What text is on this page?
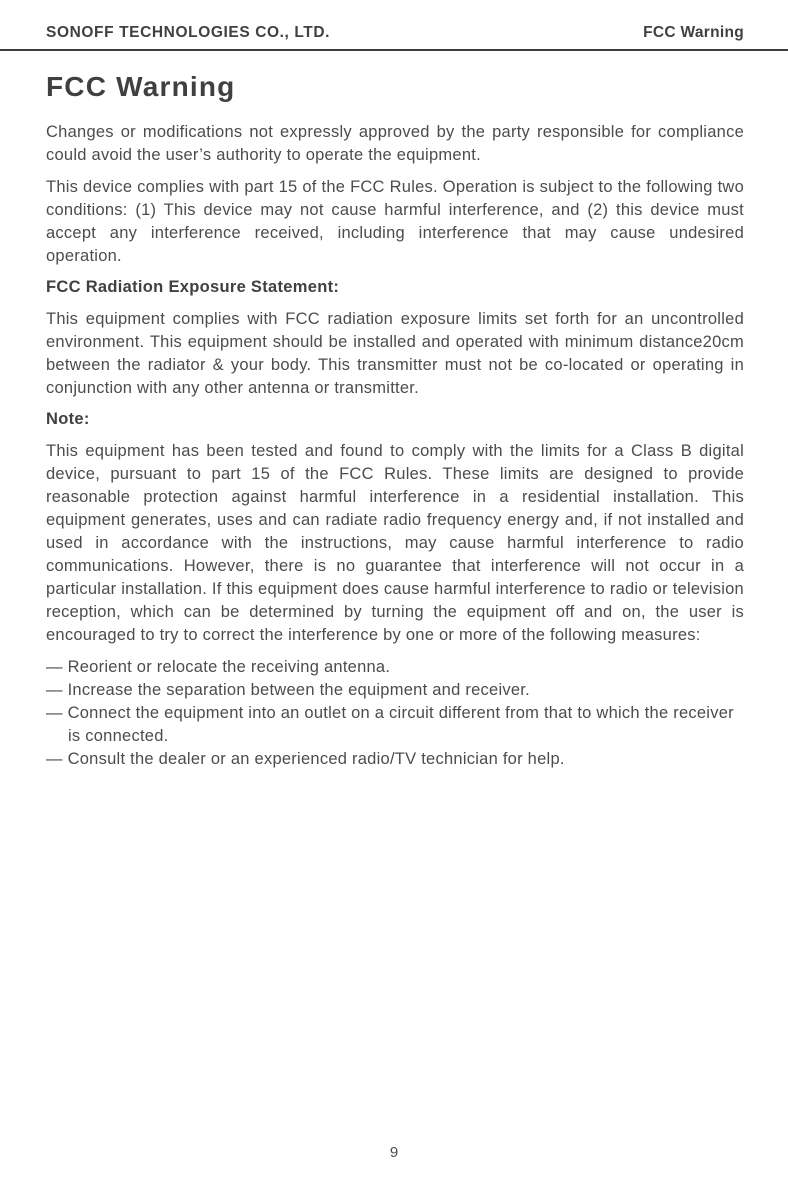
SONOFF TECHNOLOGIES CO., LTD.	FCC Warning
FCC Warning

Changes or modifications not expressly approved by the party responsible for compliance could avoid the user’s authority to operate the equipment.

This device complies with part 15 of the FCC Rules. Operation is subject to the following two conditions: (1) This device may not cause harmful interference, and (2) this device must accept any interference received, including interference that may cause undesired operation.

FCC Radiation Exposure Statement:

This equipment complies with FCC radiation exposure limits set forth for an uncontrolled environment. This equipment should be installed and operated with minimum distance20cm between the radiator & your body. This transmitter must not be co-located or operating in conjunction with any other antenna or transmitter.

Note:

This equipment has been tested and found to comply with the limits for a Class B digital device, pursuant to part 15 of the FCC Rules. These limits are designed to provide reasonable protection against harmful interference in a residential installation. This equipment generates, uses and can radiate radio frequency energy and, if not installed and used in accordance with the instructions, may cause harmful interference to radio communications. However, there is no guarantee that interference will not occur in a particular installation. If this equipment does cause harmful interference to radio or television reception, which can be determined by turning the equipment off and on, the user is encouraged to try to correct the interference by one or more of the following measures:

— Reorient or relocate the receiving antenna.
— Increase the separation between the equipment and receiver.
— Connect the equipment into an outlet on a circuit different from that to which the receiver is connected.
— Consult the dealer or an experienced radio/TV technician for help.
9
